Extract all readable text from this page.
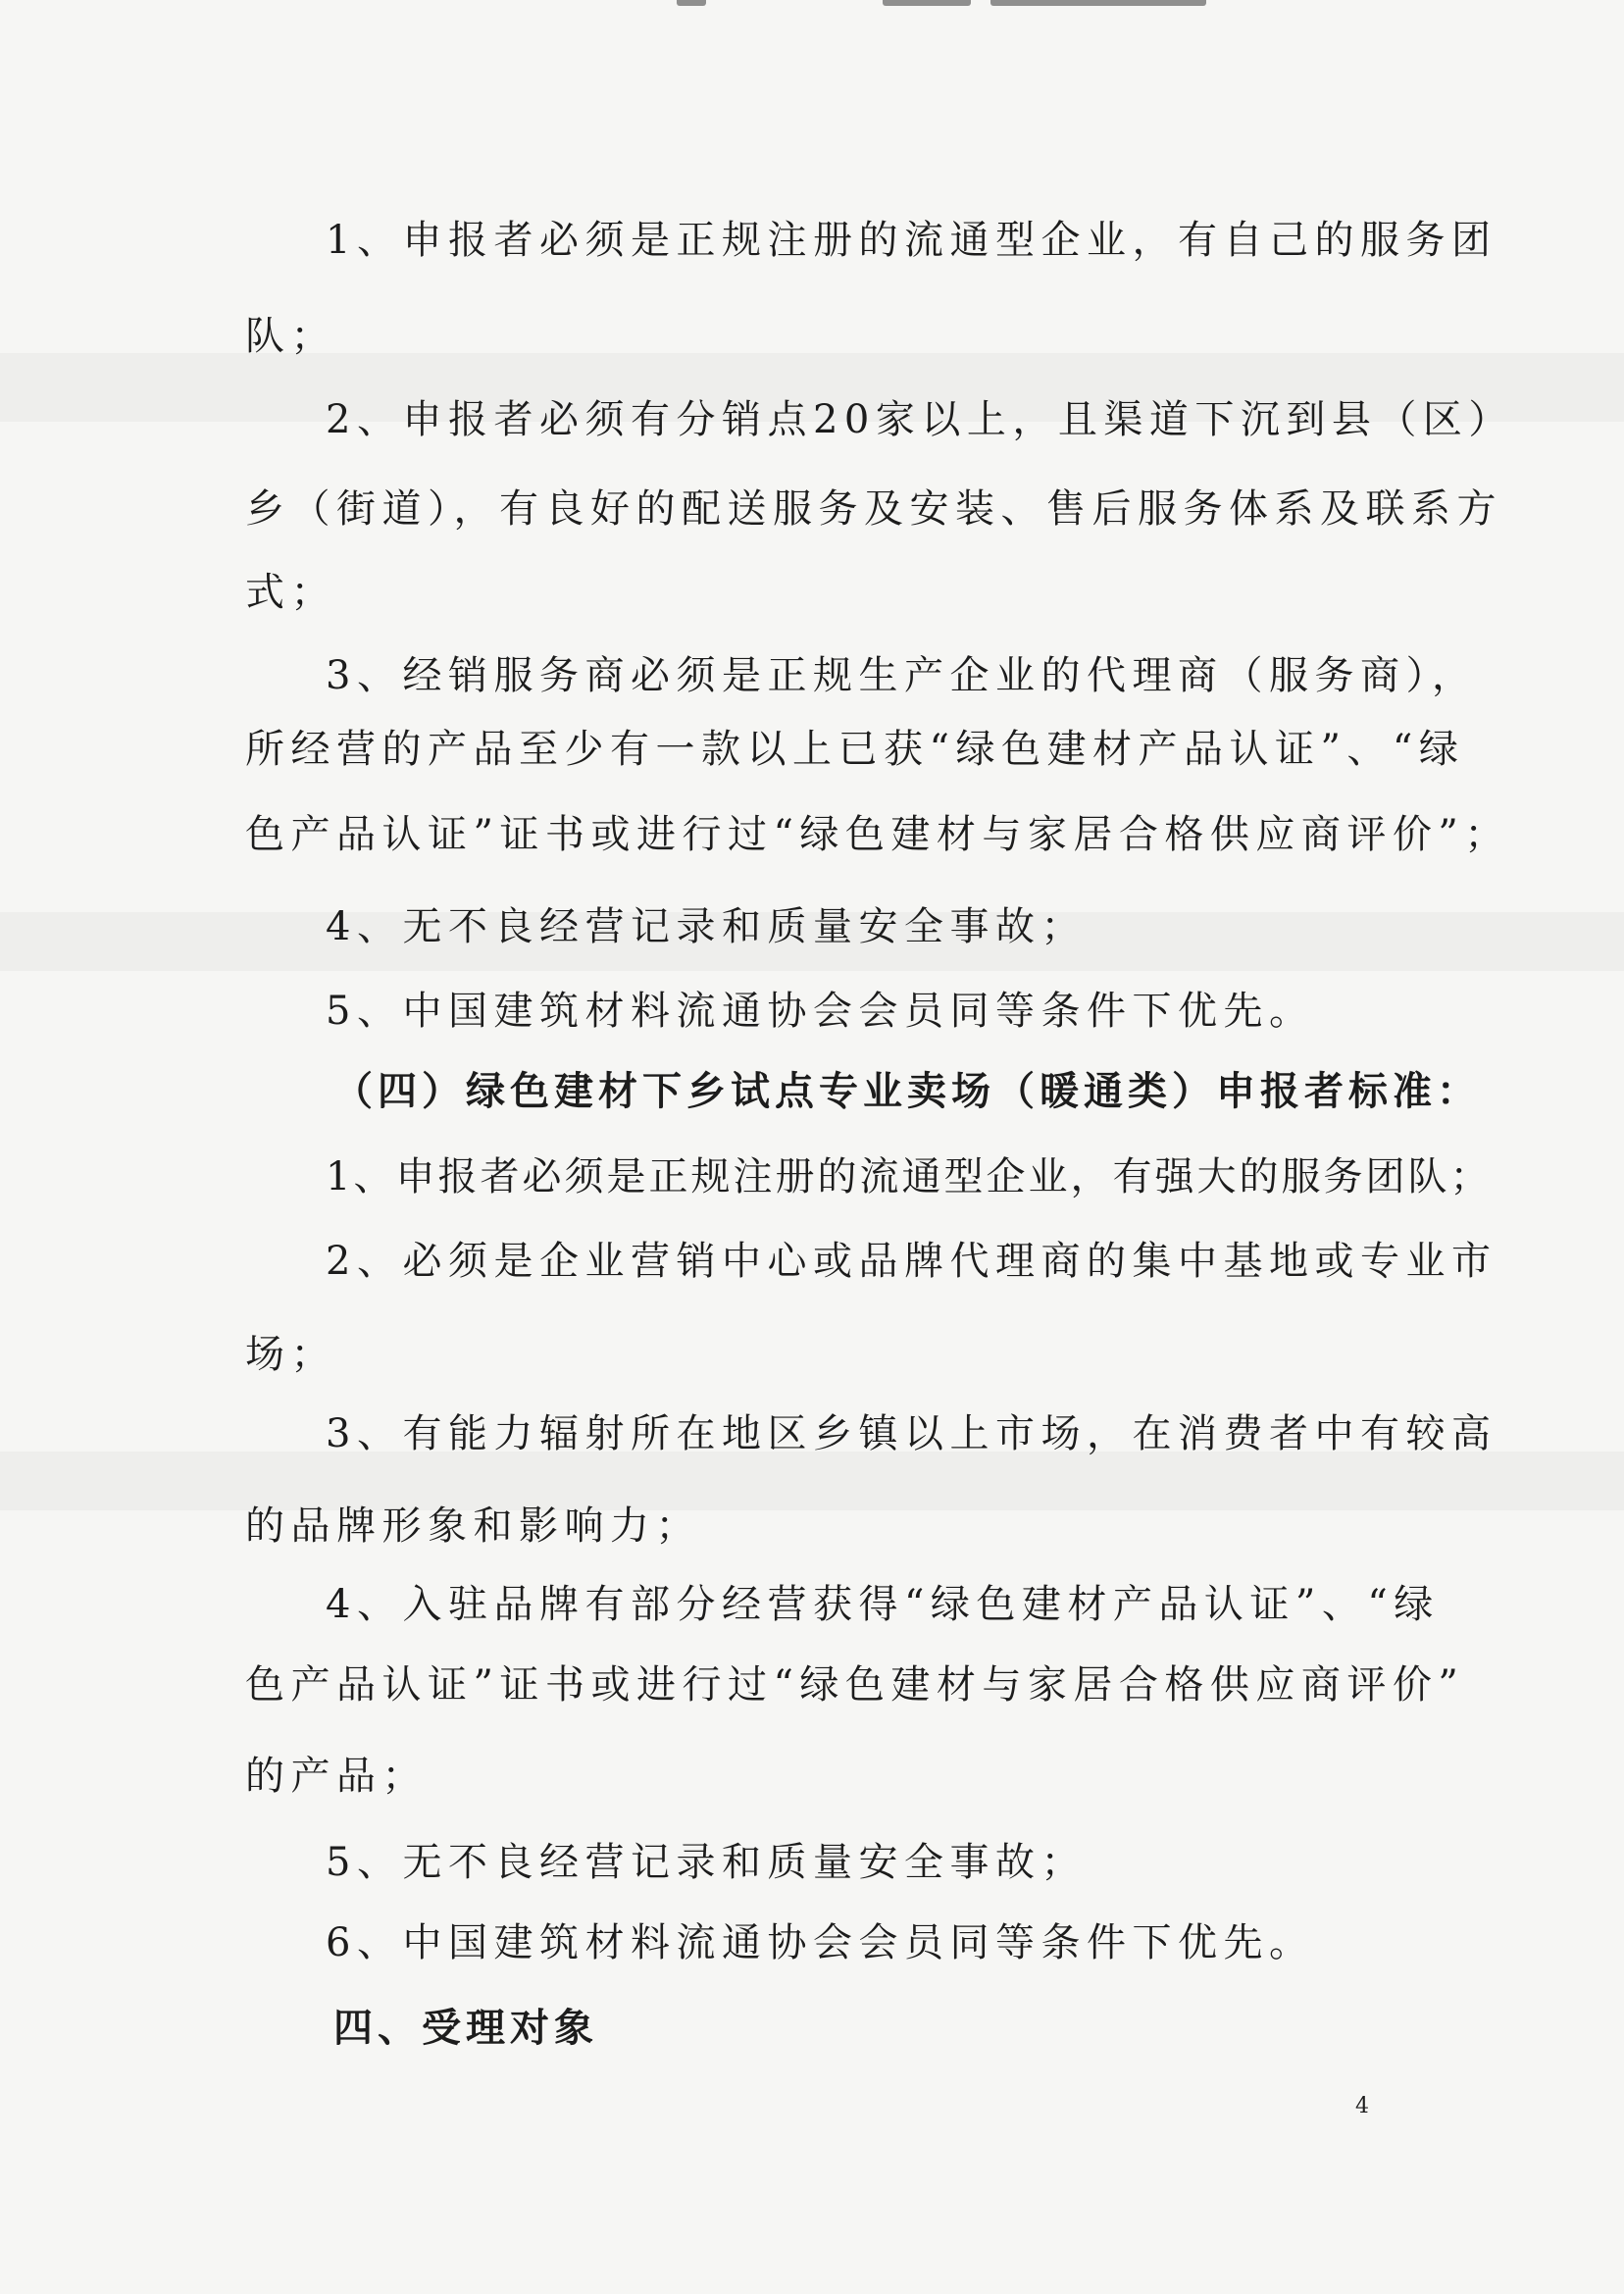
1、申报者必须是正规注册的流通型企业，有自己的服务团
队；
2、申报者必须有分销点20家以上，且渠道下沉到县（区）
乡（街道），有良好的配送服务及安装、售后服务体系及联系方
式；
3、经销服务商必须是正规生产企业的代理商（服务商），
所经营的产品至少有一款以上已获“绿色建材产品认证”、“绿
色产品认证”证书或进行过“绿色建材与家居合格供应商评价”；
4、无不良经营记录和质量安全事故；
5、中国建筑材料流通协会会员同等条件下优先。
（四）绿色建材下乡试点专业卖场（暖通类）申报者标准：
1、申报者必须是正规注册的流通型企业，有强大的服务团队；
2、必须是企业营销中心或品牌代理商的集中基地或专业市
场；
3、有能力辐射所在地区乡镇以上市场，在消费者中有较高
的品牌形象和影响力；
4、入驻品牌有部分经营获得“绿色建材产品认证”、“绿
色产品认证”证书或进行过“绿色建材与家居合格供应商评价”
的产品；
5、无不良经营记录和质量安全事故；
6、中国建筑材料流通协会会员同等条件下优先。
四、受理对象
4
